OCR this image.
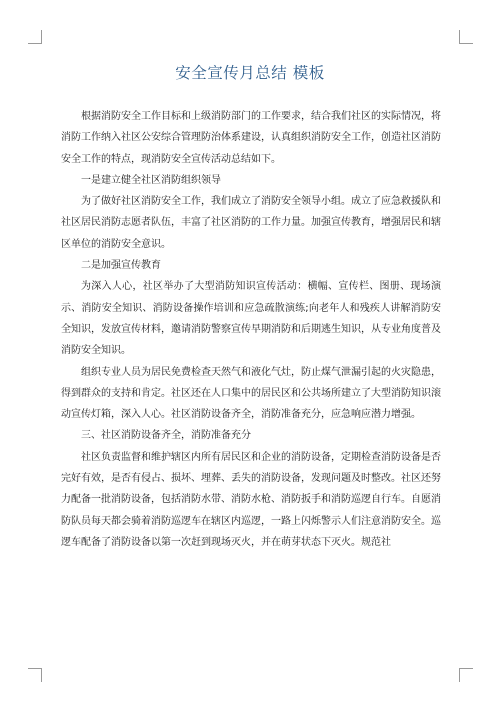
安全宣传月总结 模板

根据消防安全工作目标和上级消防部门的工作要求，结合我们社区的实际情况，将消防工作纳入社区公安综合管理防治体系建设，认真组织消防安全工作，创造社区消防安全工作的特点，现消防安全宣传活动总结如下。

一是建立健全社区消防组织领导

为了做好社区消防安全工作，我们成立了消防安全领导小组。成立了应急救援队和社区居民消防志愿者队伍，丰富了社区消防的工作力量。加强宣传教育，增强居民和辖区单位的消防安全意识。

二是加强宣传教育

为深入人心，社区举办了大型消防知识宣传活动：横幅、宣传栏、图册、现场演示、消防安全知识、消防设备操作培训和应急疏散演练;向老年人和残疾人讲解消防安全知识，发放宣传材料，邀请消防警察宣传早期消防和后期逃生知识，从专业角度普及消防安全知识。

组织专业人员为居民免费检查天然气和液化气灶，防止煤气泄漏引起的火灾隐患，得到群众的支持和肯定。社区还在人口集中的居民区和公共场所建立了大型消防知识滚动宣传灯箱，深入人心。社区消防设备齐全，消防准备充分，应急响应潜力增强。

三、社区消防设备齐全，消防准备充分

社区负责监督和维护辖区内所有居民区和企业的消防设备，定期检查消防设备是否完好有效，是否有侵占、损坏、埋葬、丢失的消防设备，发现问题及时整改。社区还努力配备一批消防设备，包括消防水带、消防水枪、消防扳手和消防巡逻自行车。自愿消防队员每天都会骑着消防巡逻车在辖区内巡逻，一路上闪烁警示人们注意消防安全。巡逻车配备了消防设备以第一次赶到现场灭火，并在萌芽状态下灭火。规范社
